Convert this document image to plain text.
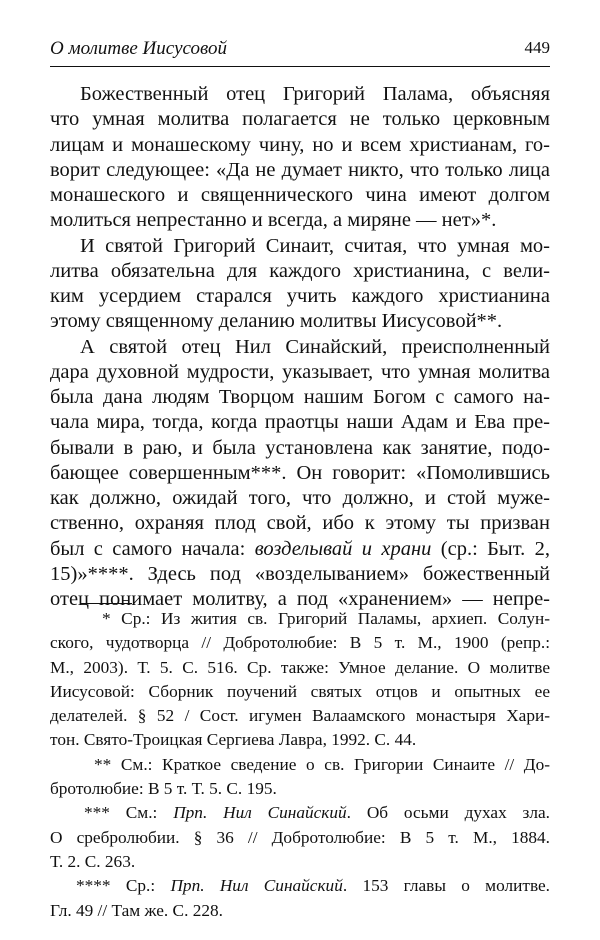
О молитве Иисусовой	449
Божественный отец Григорий Палама, объясняя
что умная молитва полагается не только церковным
лицам и монашескому чину, но и всем христианам, го-
ворит следующее: «Да не думает никто, что только лица
монашеского и священнического чина имеют долгом
молиться непрестанно и всегда, а миряне — нет»*.
И святой Григорий Синаит, считая, что умная мо-
литва обязательна для каждого христианина, с вели-
ким усердием старался учить каждого христианина
этому священному деланию молитвы Иисусовой**.
А святой отец Нил Синайский, преисполненный
дара духовной мудрости, указывает, что умная молитва
была дана людям Творцом нашим Богом с самого на-
чала мира, тогда, когда праотцы наши Адам и Ева пре-
бывали в раю, и была установлена как занятие, подо-
бающее совершенным***. Он говорит: «Помолившись
как должно, ожидай того, что должно, и стой муже-
ственно, охраняя плод свой, ибо к этому ты призван
был с самого начала: возделывай и храни (ср.: Быт. 2,
15)»****. Здесь под «возделыванием» божественный
отец понимает молитву, а под «хранением» — непре-
* Ср.: Из жития св. Григорий Паламы, архиеп. Солун-
ского, чудотворца // Добротолюбие: В 5 т. М., 1900 (репр.:
М., 2003). Т. 5. С. 516. Ср. также: Умное делание. О молитве
Иисусовой: Сборник поучений святых отцов и опытных ее
делателей. § 52 / Сост. игумен Валаамского монастыря Хари-
тон. Свято-Троицкая Сергиева Лавра, 1992. С. 44.
** См.: Краткое сведение о св. Григории Синаите // До-
бротолюбие: В 5 т. Т. 5. С. 195.
*** См.: Прп. Нил Синайский. Об осьми духах зла.
О сребролюбии. § 36 // Добротолюбие: В 5 т. М., 1884.
Т. 2. С. 263.
**** Ср.: Прп. Нил Синайский. 153 главы о молитве.
Гл. 49 // Там же. С. 228.
